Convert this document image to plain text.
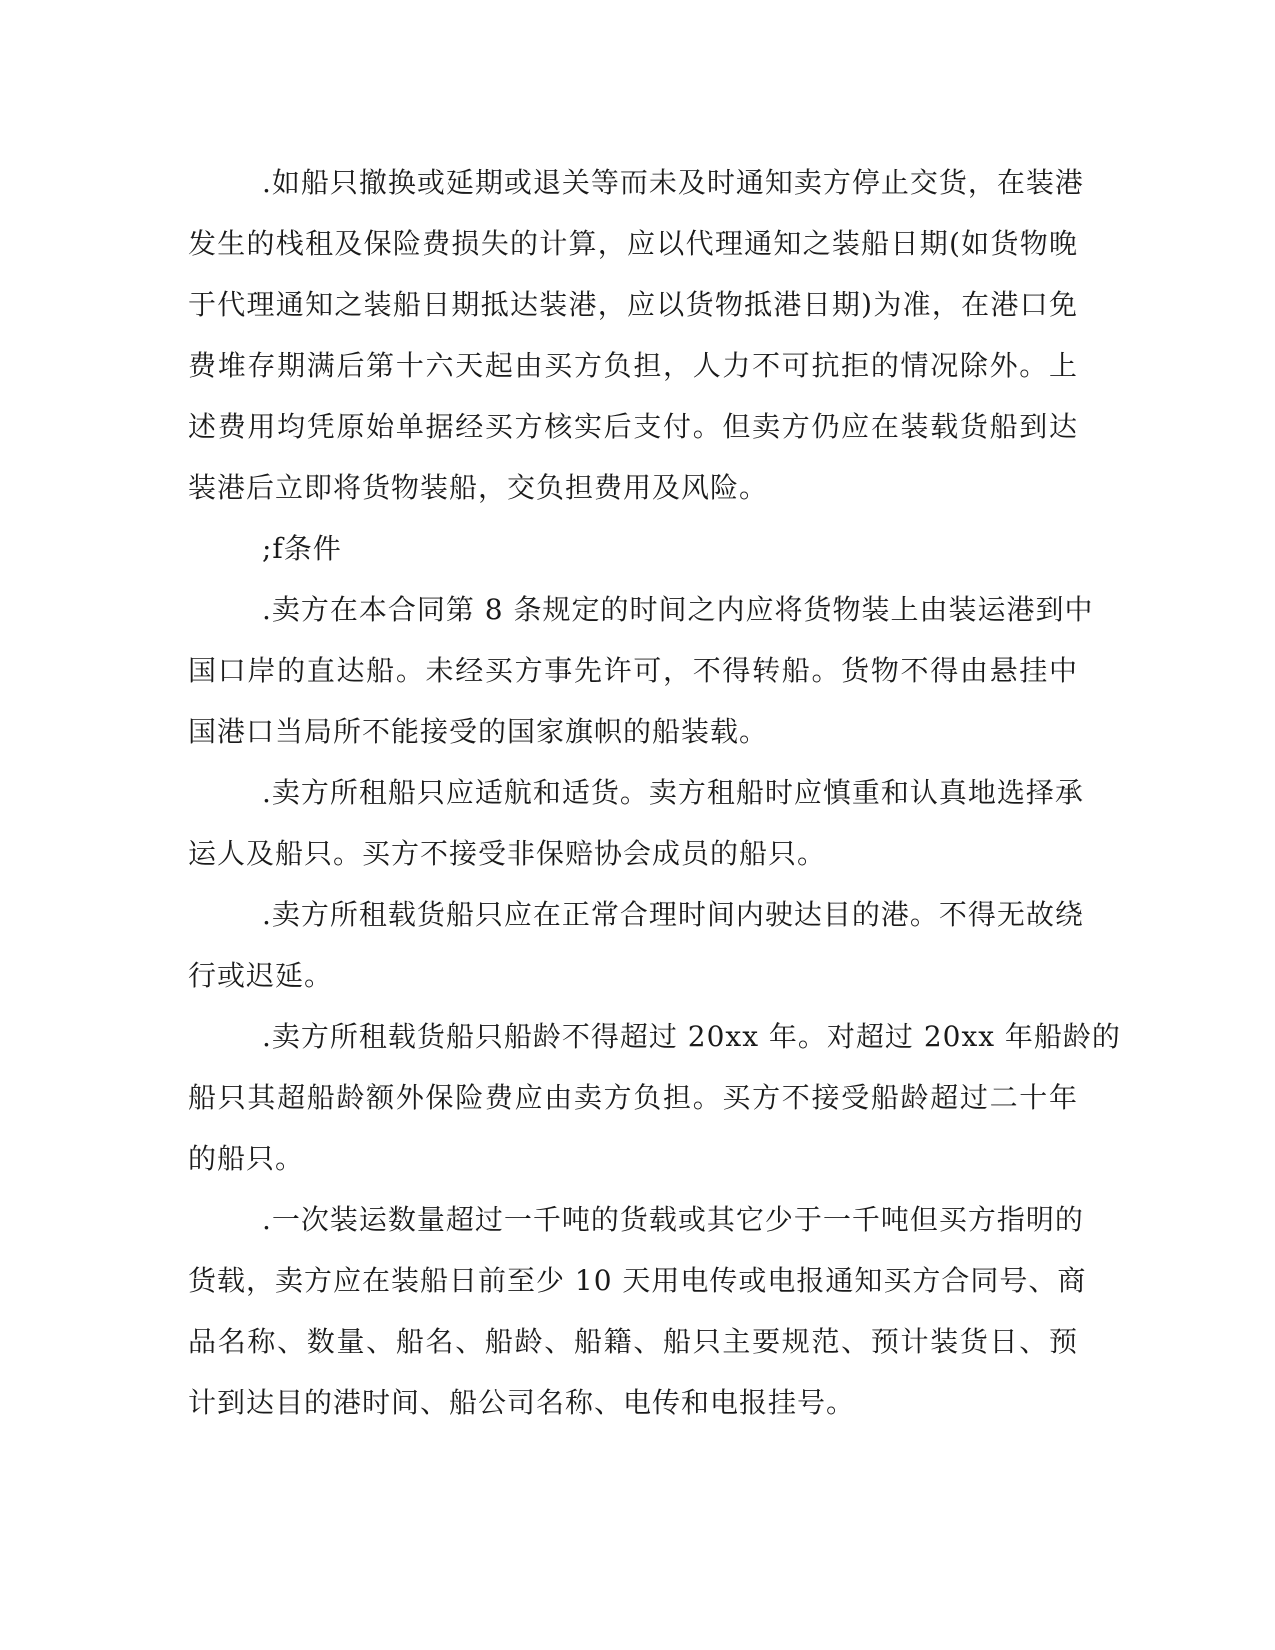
.如船只撤换或延期或退关等而未及时通知卖方停止交货，在装港
发生的栈租及保险费损失的计算，应以代理通知之装船日期(如货物晚
于代理通知之装船日期抵达装港，应以货物抵港日期)为准，在港口免
费堆存期满后第十六天起由买方负担，人力不可抗拒的情况除外。上
述费用均凭原始单据经买方核实后支付。但卖方仍应在装载货船到达
装港后立即将货物装船，交负担费用及风险。
;f条件
.卖方在本合同第 8 条规定的时间之内应将货物装上由装运港到中
国口岸的直达船。未经买方事先许可，不得转船。货物不得由悬挂中
国港口当局所不能接受的国家旗帜的船装载。
.卖方所租船只应适航和适货。卖方租船时应慎重和认真地选择承
运人及船只。买方不接受非保赔协会成员的船只。
.卖方所租载货船只应在正常合理时间内驶达目的港。不得无故绕
行或迟延。
.卖方所租载货船只船龄不得超过 20xx 年。对超过 20xx 年船龄的
船只其超船龄额外保险费应由卖方负担。买方不接受船龄超过二十年
的船只。
.一次装运数量超过一千吨的货载或其它少于一千吨但买方指明的
货载，卖方应在装船日前至少 10 天用电传或电报通知买方合同号、商
品名称、数量、船名、船龄、船籍、船只主要规范、预计装货日、预
计到达目的港时间、船公司名称、电传和电报挂号。
